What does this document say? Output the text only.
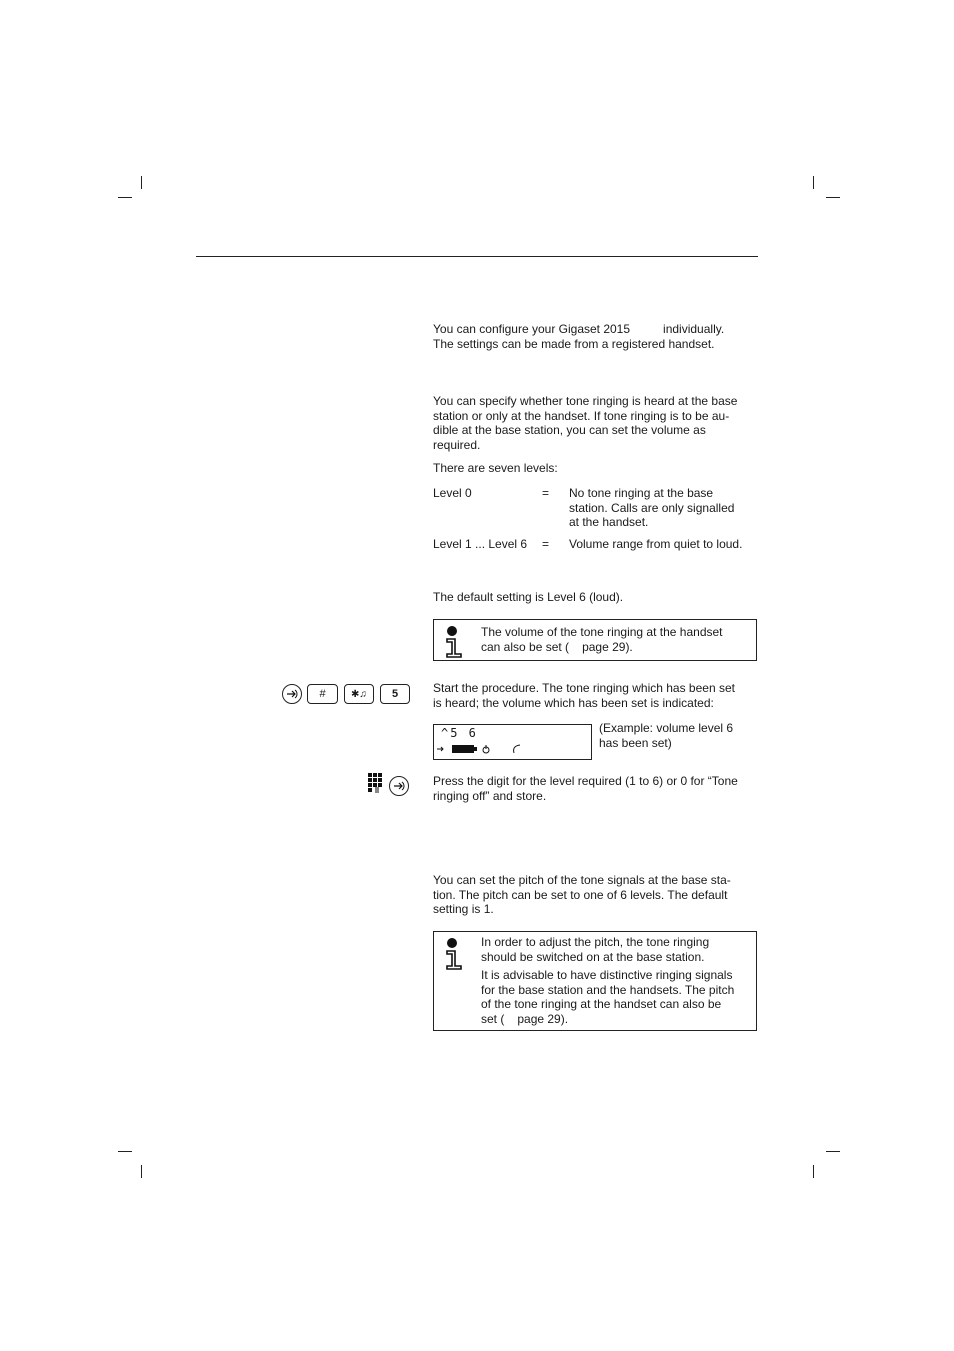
You can configure your Gigaset 2015	individually.
The settings can be made from a registered handset.
You can specify whether tone ringing is heard at the base
station or only at the handset. If tone ringing is to be au-
dible at the base station, you can set the volume as
required.
There are seven levels:
Level 0	= No tone ringing at the base
station. Calls are only signalled
at the handset.
Level 1 ... Level 6 = Volume range from quiet to loud.
The default setting is Level 6 (loud).
The volume of the tone ringing at the handset
can also be set ( page 29).
#	✱♫	5	Start the procedure. The tone ringing which has been set
is heard; the volume which has been set is indicated:
^5 6	(Example: volume level 6
has been set)
Press the digit for the level required (1 to 6) or 0 for “Tone
ringing off” and store.
You can set the pitch of the tone signals at the base sta-
tion. The pitch can be set to one of 6 levels. The default
setting is 1.
In order to adjust the pitch, the tone ringing
should be switched on at the base station.
It is advisable to have distinctive ringing signals
for the base station and the handsets. The pitch
of the tone ringing at the handset can also be
set ( page 29).
